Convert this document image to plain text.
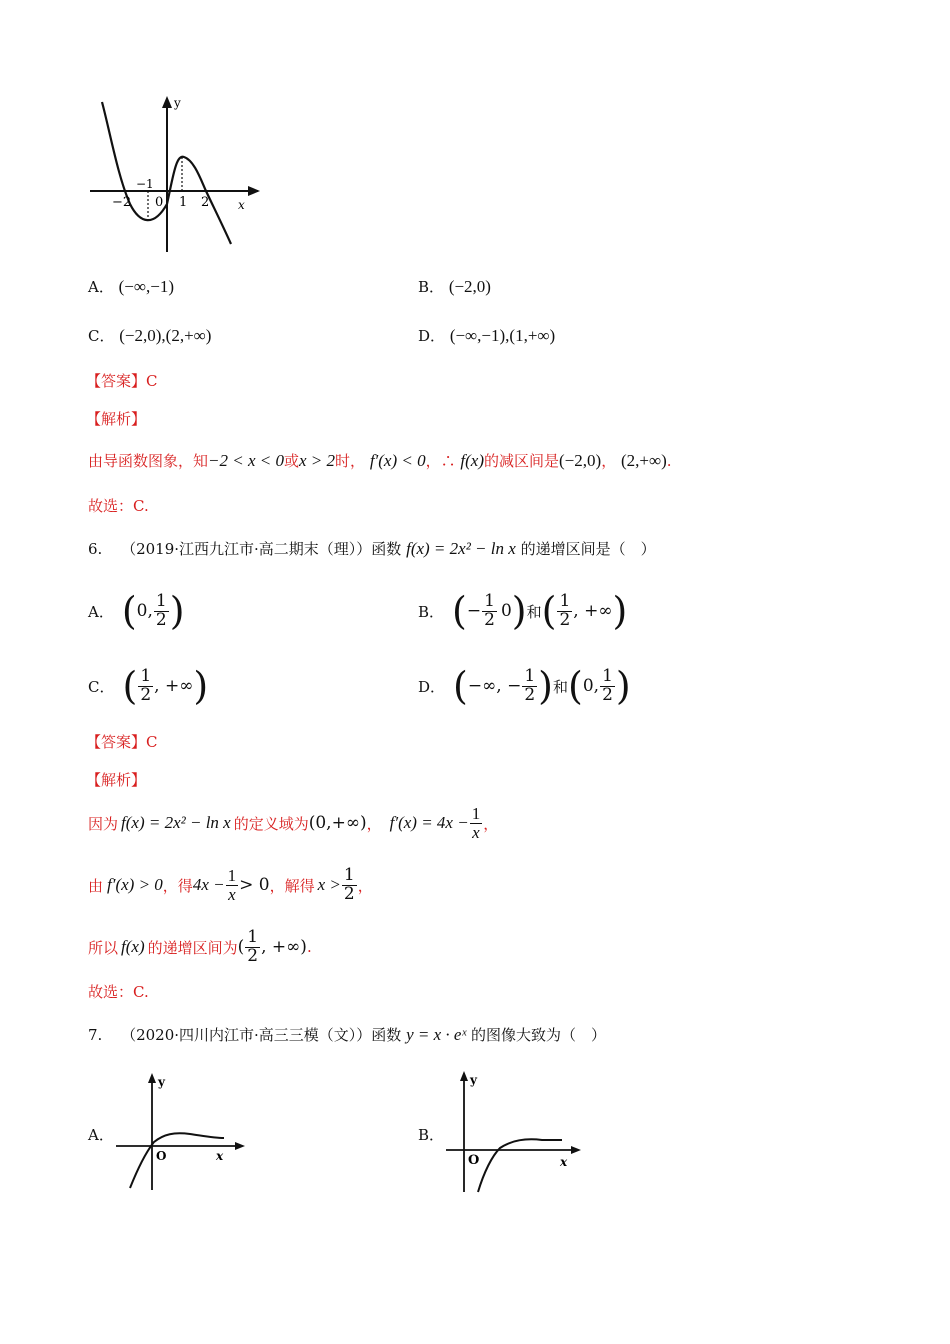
y
x
−2
−1
0 1 2
A． (−∞,−1)	B． (−2,0)
C． (−2,0),(2,+∞)	D． (−∞,−1),(1,+∞)
【答案】C
【解析】
由导函数图象，知−2 < x < 0或x > 2时， f′(x) < 0，∴ f(x)的减区间是(−2,0)， (2,+∞).
故选：C.
6. （2019·江西九江市·高二期末（理））函数 f(x) = 2x² − ln x 的递增区间是（　）
A． ( 0, $\frac{1}{2}$ )	B． ( − $\frac{1}{2} 0$ ) 和 ( $\frac{1}{2}$ , +∞ )
C． ( $\frac{1}{2}$ , +∞ )	D． ( −∞, − $\frac{1}{2}$ ) 和 ( 0, $\frac{1}{2}$ )
【答案】C
【解析】
因为 f(x) = 2x² − ln x 的定义域为 (0,+∞) ， $f'(x) = 4x - \frac{1}{x}$ ，
由 f′(x) > 0 ，得 $4x - \frac{1}{x} > 0$ ，解得 $x > \frac{1}{2}$ ，
所以 f(x) 的递增区间为 ( $\frac{1}{2}$ , +∞) .
故选：C.
7. （2020·四川内江市·高三三模（文））函数 y = x · eˣ 的图像大致为（　）
A．
y
O	x
B．
y
O	x
